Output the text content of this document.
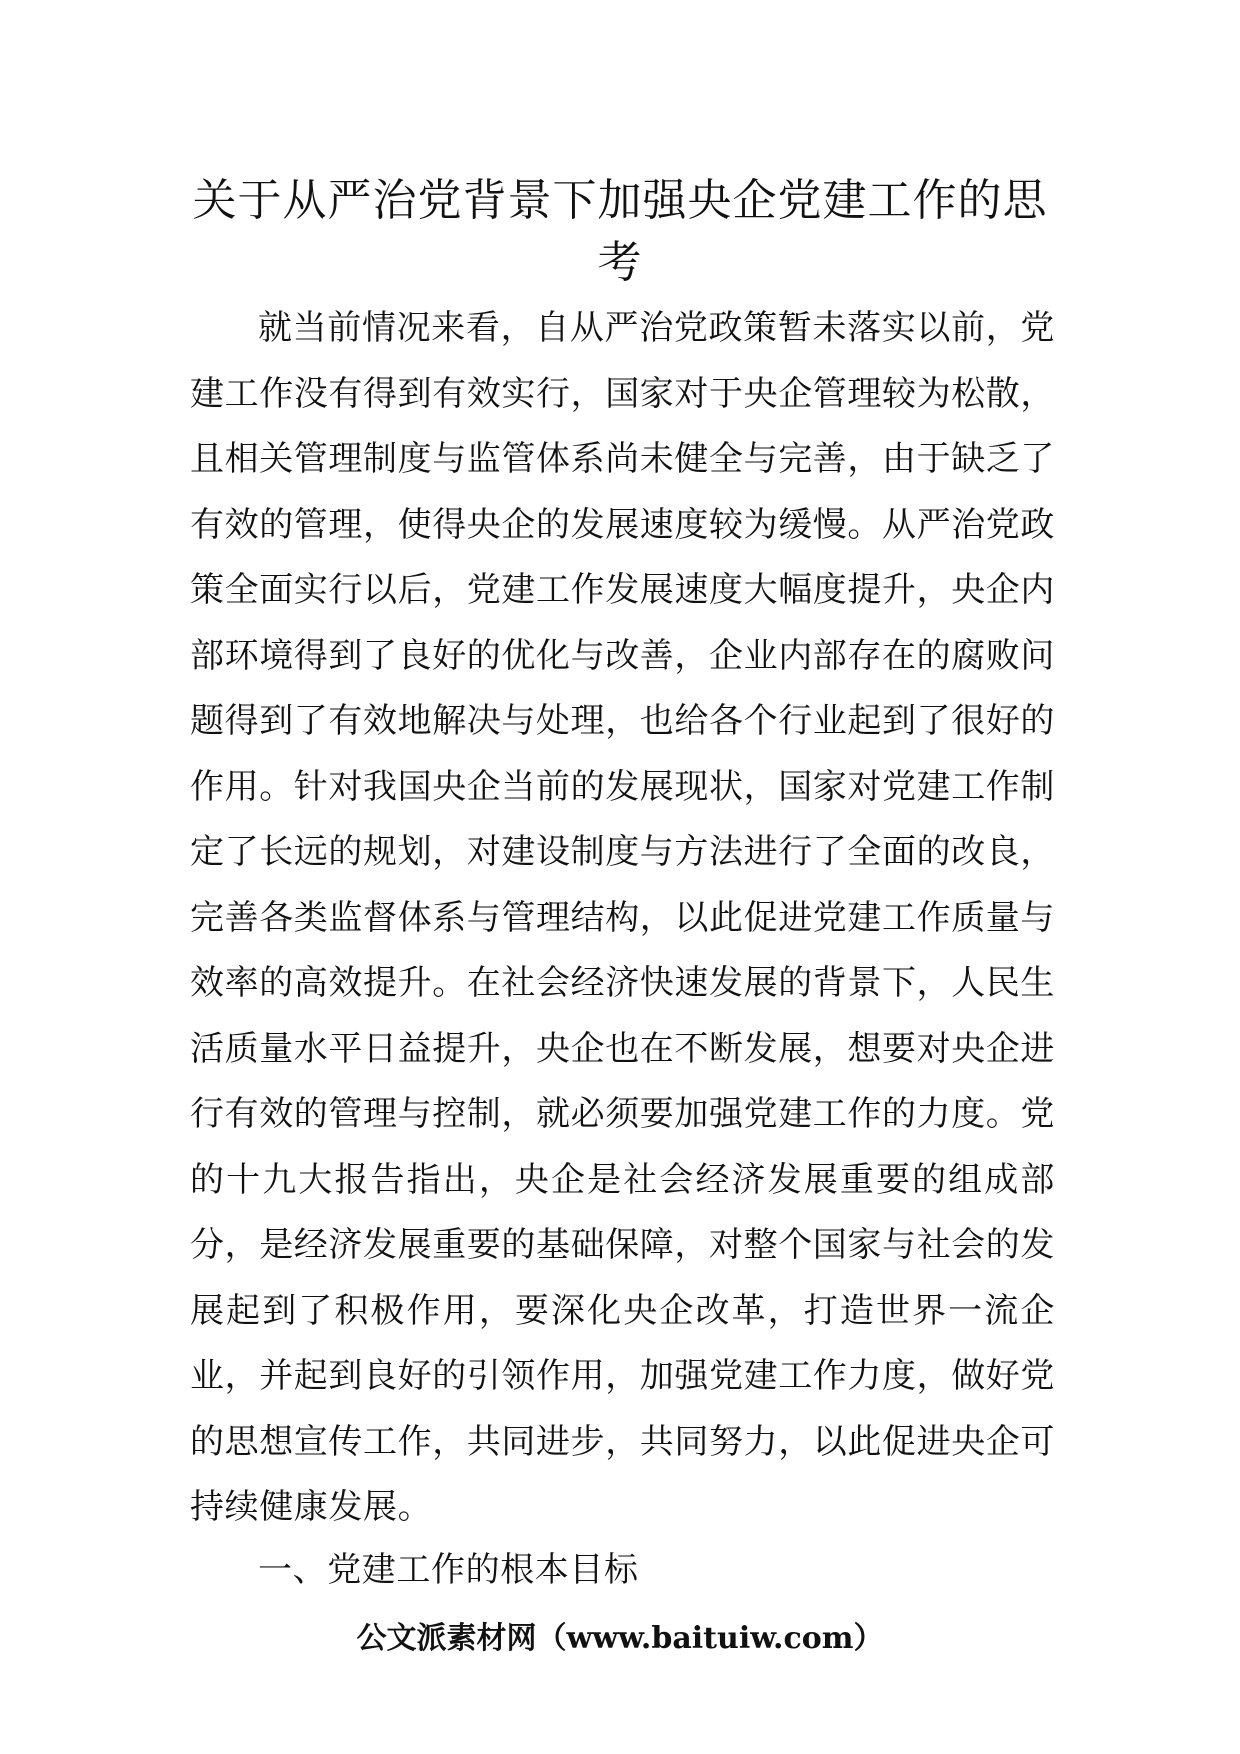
关于从严治党背景下加强央企党建工作的思考

就当前情况来看，自从严治党政策暂未落实以前，党建工作没有得到有效实行，国家对于央企管理较为松散，且相关管理制度与监管体系尚未健全与完善，由于缺乏了有效的管理，使得央企的发展速度较为缓慢。从严治党政策全面实行以后，党建工作发展速度大幅度提升，央企内部环境得到了良好的优化与改善，企业内部存在的腐败问题得到了有效地解决与处理，也给各个行业起到了很好的作用。针对我国央企当前的发展现状，国家对党建工作制定了长远的规划，对建设制度与方法进行了全面的改良，完善各类监督体系与管理结构，以此促进党建工作质量与效率的高效提升。在社会经济快速发展的背景下，人民生活质量水平日益提升，央企也在不断发展，想要对央企进行有效的管理与控制，就必须要加强党建工作的力度。党的十九大报告指出，央企是社会经济发展重要的组成部分，是经济发展重要的基础保障，对整个国家与社会的发展起到了积极作用，要深化央企改革，打造世界一流企业，并起到良好的引领作用，加强党建工作力度，做好党的思想宣传工作，共同进步，共同努力，以此促进央企可持续健康发展。

一、党建工作的根本目标
公文派素材网（www.baituiw.com）
